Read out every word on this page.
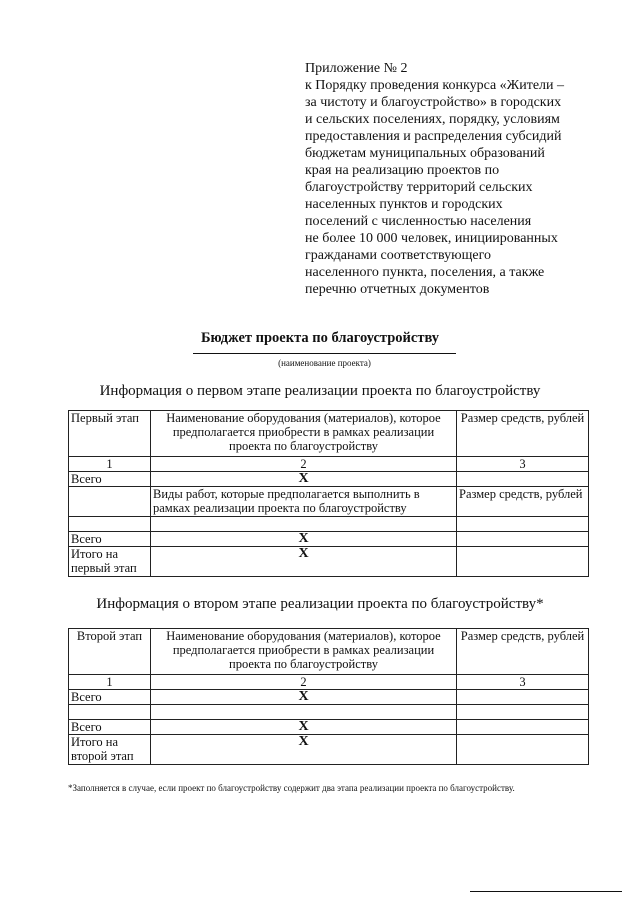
Приложение № 2
к Порядку проведения конкурса «Жители –
за чистоту и благоустройство» в городских
и сельских поселениях, порядку, условиям
предоставления и распределения субсидий
бюджетам муниципальных образований
края на реализацию проектов по
благоустройству территорий сельских
населенных пунктов и городских
поселений с численностью населения
не более 10 000 человек, инициированных
гражданами соответствующего
населенного пункта, поселения, а также
перечню отчетных документов
Бюджет проекта по благоустройству
(наименование проекта)
Информация о первом этапе реализации проекта по благоустройству
Первый этап	Наименование оборудования (материалов), которое предполагается приобрести в рамках реализации проекта по благоустройству	Размер средств, рублей
1	2	3
Всего	X	
	Виды работ, которые предполагается выполнить в рамках реализации проекта по благоустройству	Размер средств, рублей

Всего	X	
Итого на первый этап	X	
Информация о втором этапе реализации проекта по благоустройству*
Второй этап	Наименование оборудования (материалов), которое предполагается приобрести в рамках реализации проекта по благоустройству	Размер средств, рублей
1	2	3
Всего	X	

Всего	X	
Итого на второй этап	X	
*Заполняется в случае, если проект по благоустройству содержит два этапа реализации проекта по благоустройству.
